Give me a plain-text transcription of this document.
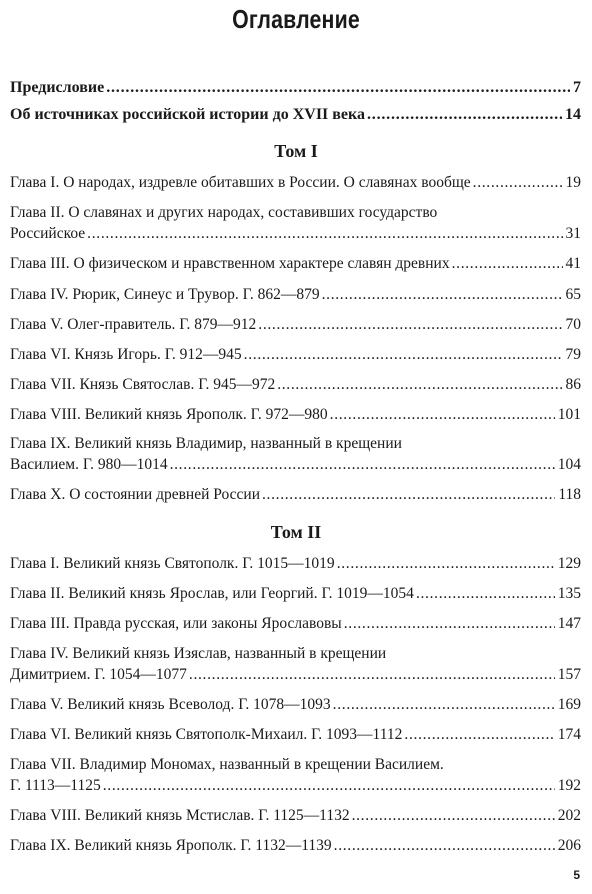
Оглавление
Предисловие . . .	7
Об источниках российской истории до XVII века . . .	14
Том I
Глава I. О народах, издревле обитавших в России. О славянах вообще . . .	19
Глава II. О славянах и других народах, составивших государство
Российское . . .	31
Глава III. О физическом и нравственном характере славян древних . . .	41
Глава IV. Рюрик, Синеус и Трувор. Г. 862—879 . . .	65
Глава V. Олег-правитель. Г. 879—912 . . .	70
Глава VI. Князь Игорь. Г. 912—945 . . .	79
Глава VII. Князь Святослав. Г. 945—972 . . .	86
Глава VIII. Великий князь Ярополк. Г. 972—980 . . .	101
Глава IX. Великий князь Владимир, названный в крещении
Василием. Г. 980—1014 . . .	104
Глава X. О состоянии древней России . . .	118
Том II
Глава I. Великий князь Святополк. Г. 1015—1019 . . .	129
Глава II. Великий князь Ярослав, или Георгий. Г. 1019—1054 . . .	135
Глава III. Правда русская, или законы Ярославовы . . .	147
Глава IV. Великий князь Изяслав, названный в крещении
Димитрием. Г. 1054—1077 . . .	157
Глава V. Великий князь Всеволод. Г. 1078—1093 . . .	169
Глава VI. Великий князь Святополк-Михаил. Г. 1093—1112 . . .	174
Глава VII. Владимир Мономах, названный в крещении Василием.
Г. 1113—1125 . . .	192
Глава VIII. Великий князь Мстислав. Г. 1125—1132 . . .	202
Глава IX. Великий князь Ярополк. Г. 1132—1139 . . .	206
5
